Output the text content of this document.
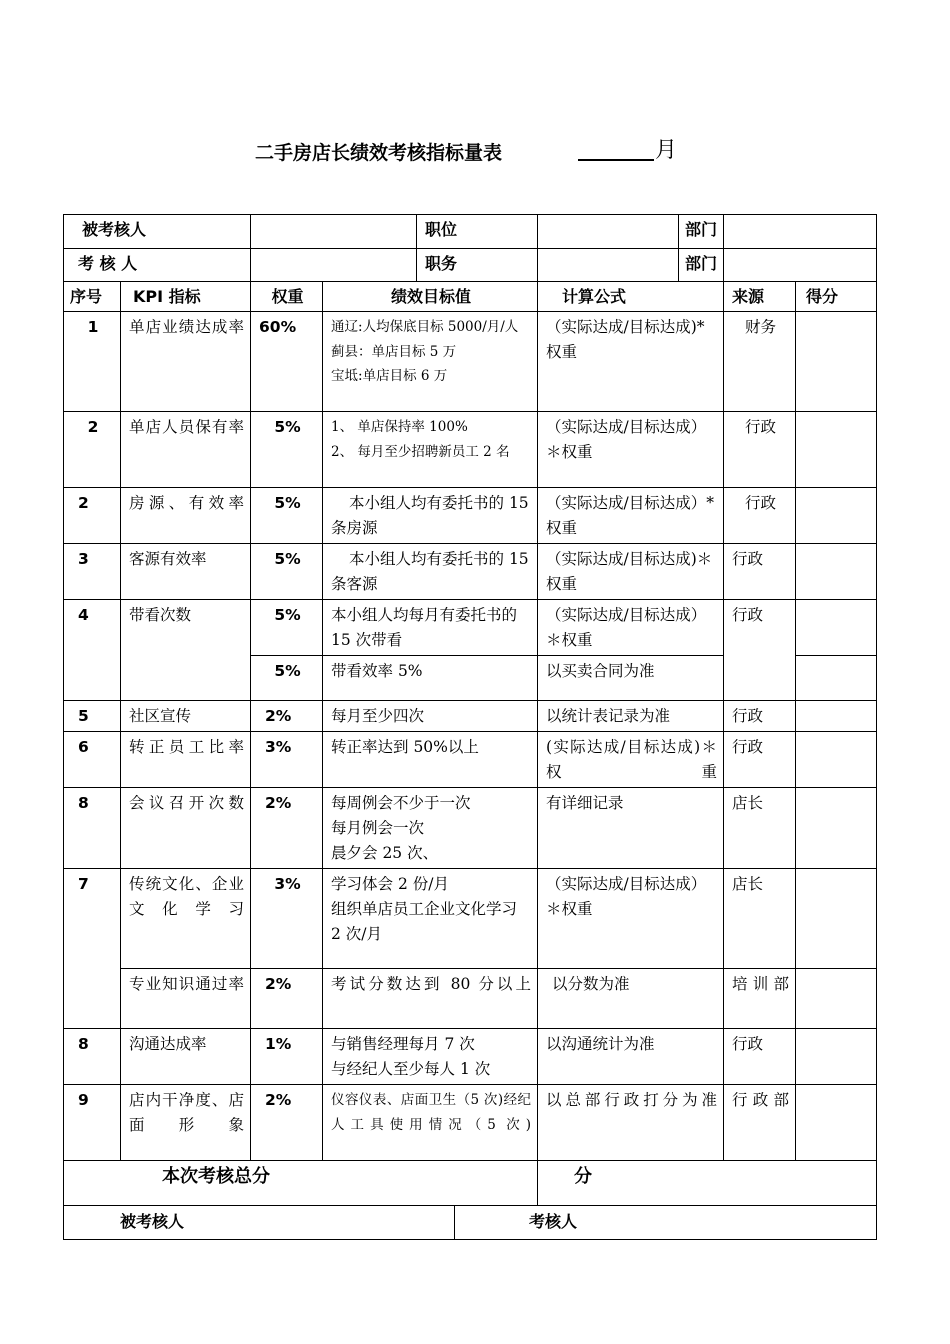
二手房店长绩效考核指标量表	月
被考核人		职位		部门		

考 核 人		职务		部门		

序号	KPI 指标	权重	绩效目标值	计算公式	来源	得分
1	单店业绩达成率	60%	通辽:人均保底目标 5000/月/人
蓟县：单店目标 5 万
宝坻:单店目标 6 万	（实际达成/目标达成)*权重	财务	
2	单店人员保有率	5%	1、 单店保持率 100%
2、 每月至少招聘新员工 2 名	（实际达成/目标达成）＊权重	行政	
2	房源、有效率	5%	本小组人均有委托书的 15 条房源	（实际达成/目标达成）*权重	行政	
3	客源有效率	5%	本小组人均有委托书的 15 条客源	（实际达成/目标达成)＊权重	行政	
4	带看次数	5%	本小组人均每月有委托书的 15 次带看	（实际达成/目标达成）＊权重	行政	
		5%	带看效率 5%	以买卖合同为准		
5	社区宣传	2%	每月至少四次	以统计表记录为准	行政	
6	转正员工比率	3%	转正率达到 50%以上	(实际达成/目标达成)＊权重	行政	
8	会议召开次数	2%	每周例会不少于一次
每月例会一次
晨夕会 25 次、	有详细记录	店长	
7	传统文化、企业文化学习	3%	学习体会 2 份/月
组织单店员工企业文化学习 2 次/月	（实际达成/目标达成）＊权重	店长	
	专业知识通过率	2%	考试分数达到 80 分以上	以分数为准	培训部	
8	沟通达成率	1%	与销售经理每月 7 次
与经纪人至少每人 1 次	以沟通统计为准	行政	
9	店内干净度、店面形象	2%	仪容仪表、店面卫生（5 次)经纪人工具使用情况（5 次)	以总部行政打分为准	行政部	
本次考核总分				分		
被考核人	考核人
